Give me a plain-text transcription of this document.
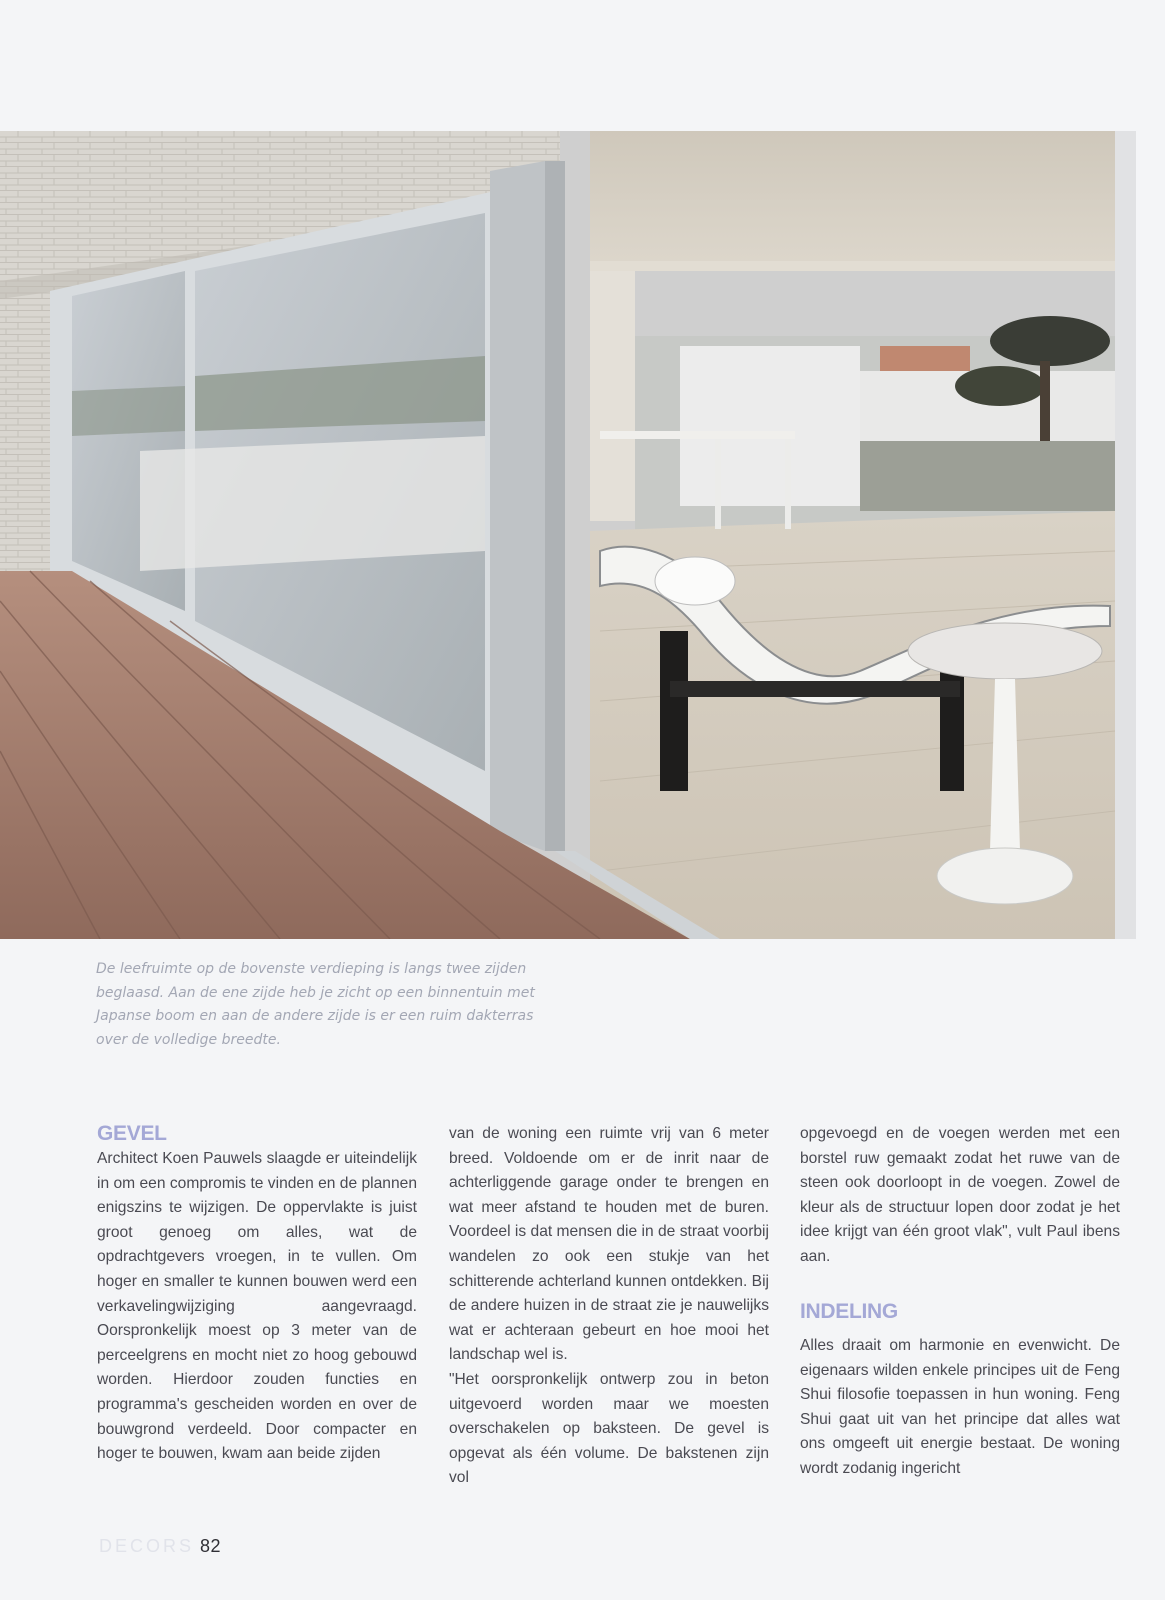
De leefruimte op de bovenste verdieping is langs twee zijden beglaasd. Aan de ene zijde heb je zicht op een binnentuin met Japanse boom en aan de andere zijde is er een ruim dakterras over de volledige breedte.

GEVEL

Architect Koen Pauwels slaagde er uiteindelijk in om een compromis te vinden en de plannen enigszins te wijzigen. De oppervlakte is juist groot genoeg om alles, wat de opdrachtgevers vroegen, in te vullen. Om hoger en smaller te kunnen bouwen werd een verkavelingwijziging aangevraagd. Oorspronkelijk moest op 3 meter van de perceelgrens en mocht niet zo hoog gebouwd worden. Hierdoor zouden functies en programma's gescheiden worden en over de bouwgrond verdeeld. Door compacter en hoger te bouwen, kwam aan beide zijden

van de woning een ruimte vrij van 6 meter breed. Voldoende om er de inrit naar de achterliggende garage onder te brengen en wat meer afstand te houden met de buren. Voordeel is dat mensen die in de straat voorbij wandelen zo ook een stukje van het schitterende achterland kunnen ontdekken. Bij de andere huizen in de straat zie je nauwelijks wat er achteraan gebeurt en hoe mooi het landschap wel is.

"Het oorspronkelijk ontwerp zou in beton uitgevoerd worden maar we moesten overschakelen op baksteen. De gevel is opgevat als één volume. De bakstenen zijn vol

opgevoegd en de voegen werden met een borstel ruw gemaakt zodat het ruwe van de steen ook doorloopt in de voegen. Zowel de kleur als de structuur lopen door zodat je het idee krijgt van één groot vlak", vult Paul ibens aan.

INDELING

Alles draait om harmonie en evenwicht. De eigenaars wilden enkele principes uit de Feng Shui filosofie toepassen in hun woning. Feng Shui gaat uit van het principe dat alles wat ons omgeeft uit energie bestaat. De woning wordt zodanig ingericht

DECORS 82
